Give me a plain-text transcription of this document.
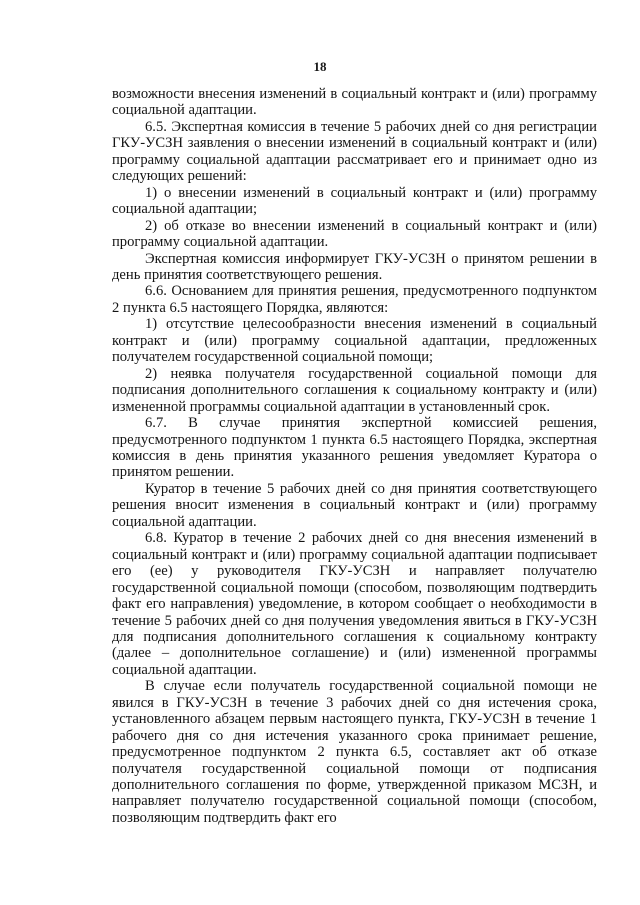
18

возможности внесения изменений в социальный контракт и (или) программу социальной адаптации.

6.5. Экспертная комиссия в течение 5 рабочих дней со дня регистрации ГКУ-УСЗН заявления о внесении изменений в социальный контракт и (или) программу социальной адаптации рассматривает его и принимает одно из следующих решений:

1) о внесении изменений в социальный контракт и (или) программу социальной адаптации;

2) об отказе во внесении изменений в социальный контракт и (или) программу социальной адаптации.

Экспертная комиссия информирует ГКУ-УСЗН о принятом решении в день принятия соответствующего решения.

6.6. Основанием для принятия решения, предусмотренного подпунктом 2 пункта 6.5 настоящего Порядка, являются:

1) отсутствие целесообразности внесения изменений в социальный контракт и (или) программу социальной адаптации, предложенных получателем государственной социальной помощи;

2) неявка получателя государственной социальной помощи для подписания дополнительного соглашения к социальному контракту и (или) измененной программы социальной адаптации в установленный срок.

6.7. В случае принятия экспертной комиссией решения, предусмотренного подпунктом 1 пункта 6.5 настоящего Порядка, экспертная комиссия в день принятия указанного решения уведомляет Куратора о принятом решении.

Куратор в течение 5 рабочих дней со дня принятия соответствующего решения вносит изменения в социальный контракт и (или) программу социальной адаптации.

6.8. Куратор в течение 2 рабочих дней со дня внесения изменений в социальный контракт и (или) программу социальной адаптации подписывает его (ее) у руководителя ГКУ-УСЗН и направляет получателю государственной социальной помощи (способом, позволяющим подтвердить факт его направления) уведомление, в котором сообщает о необходимости в течение 5 рабочих дней со дня получения уведомления явиться в ГКУ-УСЗН для подписания дополнительного соглашения к социальному контракту (далее – дополнительное соглашение) и (или) измененной программы социальной адаптации.

В случае если получатель государственной социальной помощи не явился в ГКУ-УСЗН в течение 3 рабочих дней со дня истечения срока, установленного абзацем первым настоящего пункта, ГКУ-УСЗН в течение 1 рабочего дня со дня истечения указанного срока принимает решение, предусмотренное подпунктом 2 пункта 6.5, составляет акт об отказе получателя государственной социальной помощи от подписания дополнительного соглашения по форме, утвержденной приказом МСЗН, и направляет получателю государственной социальной помощи (способом, позволяющим подтвердить факт его
